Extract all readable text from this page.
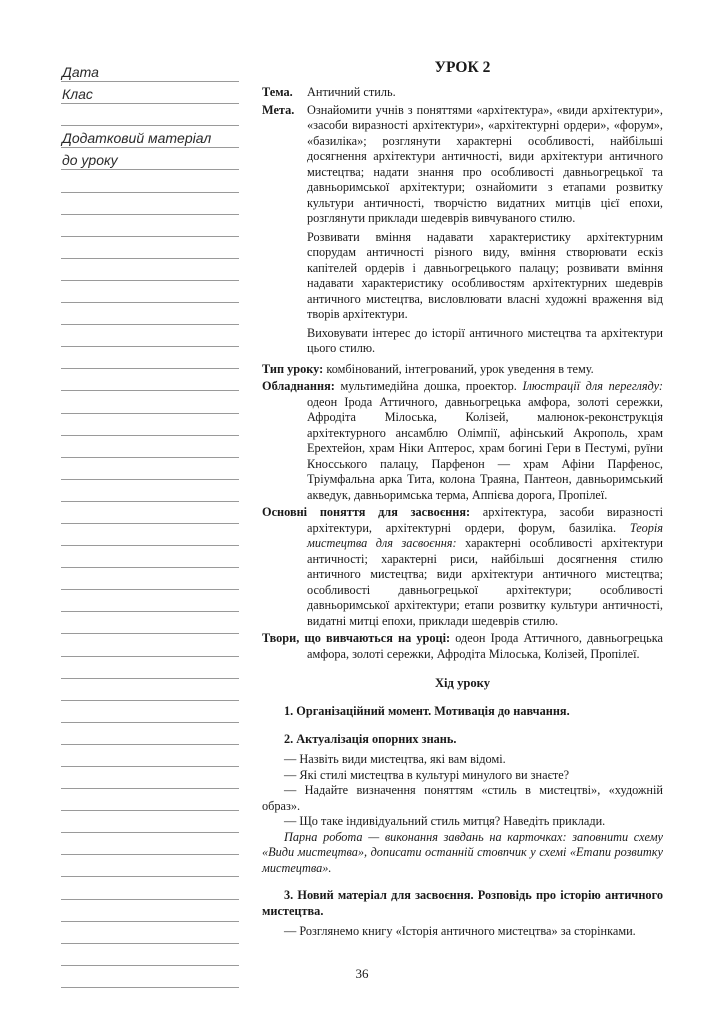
Дата
Клас
Додатковий матеріал
до уроку
УРОК 2
Тема.	Античний стиль.
Мета.	Ознайомити учнів з поняттями «архітектура», «види архітектури», «засоби виразності архітектури», «архітектурні ордери», «форум», «базиліка»; розглянути характерні особливості, найбільші досягнення архітектури античності, види архітектури античного мистецтва; надати знання про особливості давньогрецької та давньоримської архітектури; ознайомити з етапами розвитку культури античності, творчістю видатних митців цієї епохи, розглянути приклади шедеврів вивчуваного стилю.

Розвивати вміння надавати характеристику архітектурним спорудам античності різного виду, вміння створювати ескіз капітелей ордерів і давньогрецького палацу; розвивати вміння надавати характеристику особливостям архітектурних шедеврів античного мистецтва, висловлювати власні художні враження від творів архітектури.

Виховувати інтерес до історії античного мистецтва та архітектури цього стилю.

Тип уроку: комбінований, інтегрований, урок уведення в тему.
Обладнання: мультимедійна дошка, проектор. Ілюстрації для перегляду: одеон Ірода Аттичного, давньогрецька амфора, золоті сережки, Афродіта Мілоська, Колізей, малюнок-реконструкція архітектурного ансамблю Олімпії, афінський Акрополь, храм Ерехтейон, храм Ніки Аптерос, храм богині Гери в Пестумі, руїни Кносського палацу, Парфенон — храм Афіни Парфенос, Тріумфальна арка Тита, колона Траяна, Пантеон, давньоримський акведук, давньоримська терма, Аппієва дорога, Пропілеї.
Основні поняття для засвоєння: архітектура, засоби виразності архітектури, архітектурні ордери, форум, базиліка. Теорія мистецтва для засвоєння: характерні особливості архітектури античності; характерні риси, найбільші досягнення стилю античного мистецтва; види архітектури античного мистецтва; особливості давньогрецької архітектури; особливості давньоримської архітектури; етапи розвитку культури античності, видатні митці епохи, приклади шедеврів стилю.
Твори, що вивчаються на уроці: одеон Ірода Аттичного, давньогрецька амфора, золоті сережки, Афродіта Мілоська, Колізей, Пропілеї.
Хід уроку

1. Організаційний момент. Мотивація до навчання.

2. Актуалізація опорних знань.

— Назвіть види мистецтва, які вам відомі.

— Які стилі мистецтва в культурі минулого ви знаєте?

— Надайте визначення поняттям «стиль в мистецтві», «художній образ».

— Що таке індивідуальний стиль митця? Наведіть приклади.

Парна робота — виконання завдань на карточках: заповнити схему «Види мистецтва», дописати останній стовпчик у схемі «Етапи розвитку мистецтва».

3. Новий матеріал для засвоєння. Розповідь про історію античного мистецтва.

— Розглянемо книгу «Історія античного мистецтва» за сторінками.

36
